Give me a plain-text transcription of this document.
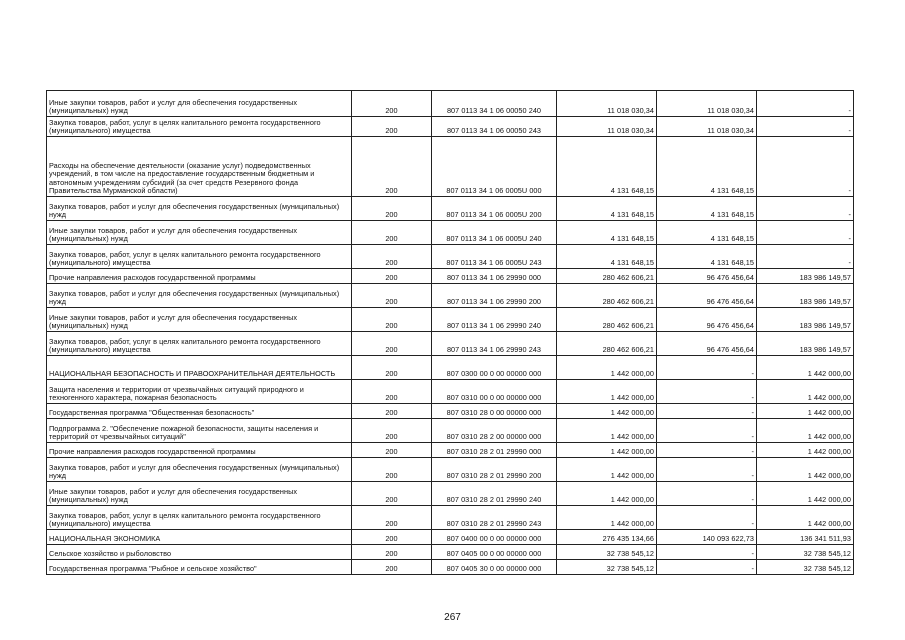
Иные закупки товаров, работ и услуг для обеспечения государственных (муниципальных) нужд	200	807 0113 34 1 06 00050 240	11 018 030,34	11 018 030,34	-
Закупка товаров, работ, услуг в целях капитального ремонта государственного (муниципального) имущества	200	807 0113 34 1 06 00050 243	11 018 030,34	11 018 030,34	-
Расходы на обеспечение деятельности (оказание услуг) подведомственных учреждений, в том числе на предоставление государственным бюджетным и автономным учреждениям субсидий (за счет средств Резервного фонда Правительства Мурманской области)	200	807 0113 34 1 06 0005U 000	4 131 648,15	4 131 648,15	-
Закупка товаров, работ и услуг для обеспечения государственных (муниципальных) нужд	200	807 0113 34 1 06 0005U 200	4 131 648,15	4 131 648,15	-
Иные закупки товаров, работ и услуг для обеспечения государственных (муниципальных) нужд	200	807 0113 34 1 06 0005U 240	4 131 648,15	4 131 648,15	-
Закупка товаров, работ, услуг в целях капитального ремонта государственного (муниципального) имущества	200	807 0113 34 1 06 0005U 243	4 131 648,15	4 131 648,15	-
Прочие направления расходов государственной программы	200	807 0113 34 1 06 29990 000	280 462 606,21	96 476 456,64	183 986 149,57
Закупка товаров, работ и услуг для обеспечения государственных (муниципальных) нужд	200	807 0113 34 1 06 29990 200	280 462 606,21	96 476 456,64	183 986 149,57
Иные закупки товаров, работ и услуг для обеспечения государственных (муниципальных) нужд	200	807 0113 34 1 06 29990 240	280 462 606,21	96 476 456,64	183 986 149,57
Закупка товаров, работ, услуг в целях капитального ремонта государственного (муниципального) имущества	200	807 0113 34 1 06 29990 243	280 462 606,21	96 476 456,64	183 986 149,57
НАЦИОНАЛЬНАЯ БЕЗОПАСНОСТЬ И ПРАВООХРАНИТЕЛЬНАЯ ДЕЯТЕЛЬНОСТЬ	200	807 0300 00 0 00 00000 000	1 442 000,00	-	1 442 000,00
Защита населения и территории от чрезвычайных ситуаций природного и техногенного характера, пожарная безопасность	200	807 0310 00 0 00 00000 000	1 442 000,00	-	1 442 000,00
Государственная программа "Общественная безопасность"	200	807 0310 28 0 00 00000 000	1 442 000,00	-	1 442 000,00
Подпрограмма 2. "Обеспечение пожарной безопасности, защиты населения и территорий от чрезвычайных ситуаций"	200	807 0310 28 2 00 00000 000	1 442 000,00	-	1 442 000,00
Прочие направления расходов государственной программы	200	807 0310 28 2 01 29990 000	1 442 000,00	-	1 442 000,00
Закупка товаров, работ и услуг для обеспечения государственных (муниципальных) нужд	200	807 0310 28 2 01 29990 200	1 442 000,00	-	1 442 000,00
Иные закупки товаров, работ и услуг для обеспечения государственных (муниципальных) нужд	200	807 0310 28 2 01 29990 240	1 442 000,00	-	1 442 000,00
Закупка товаров, работ, услуг в целях капитального ремонта государственного (муниципального) имущества	200	807 0310 28 2 01 29990 243	1 442 000,00	-	1 442 000,00
НАЦИОНАЛЬНАЯ ЭКОНОМИКА	200	807 0400 00 0 00 00000 000	276 435 134,66	140 093 622,73	136 341 511,93
Сельское хозяйство и рыболовство	200	807 0405 00 0 00 00000 000	32 738 545,12	-	32 738 545,12
Государственная программа "Рыбное и сельское хозяйство"	200	807 0405 30 0 00 00000 000	32 738 545,12	-	32 738 545,12
267
